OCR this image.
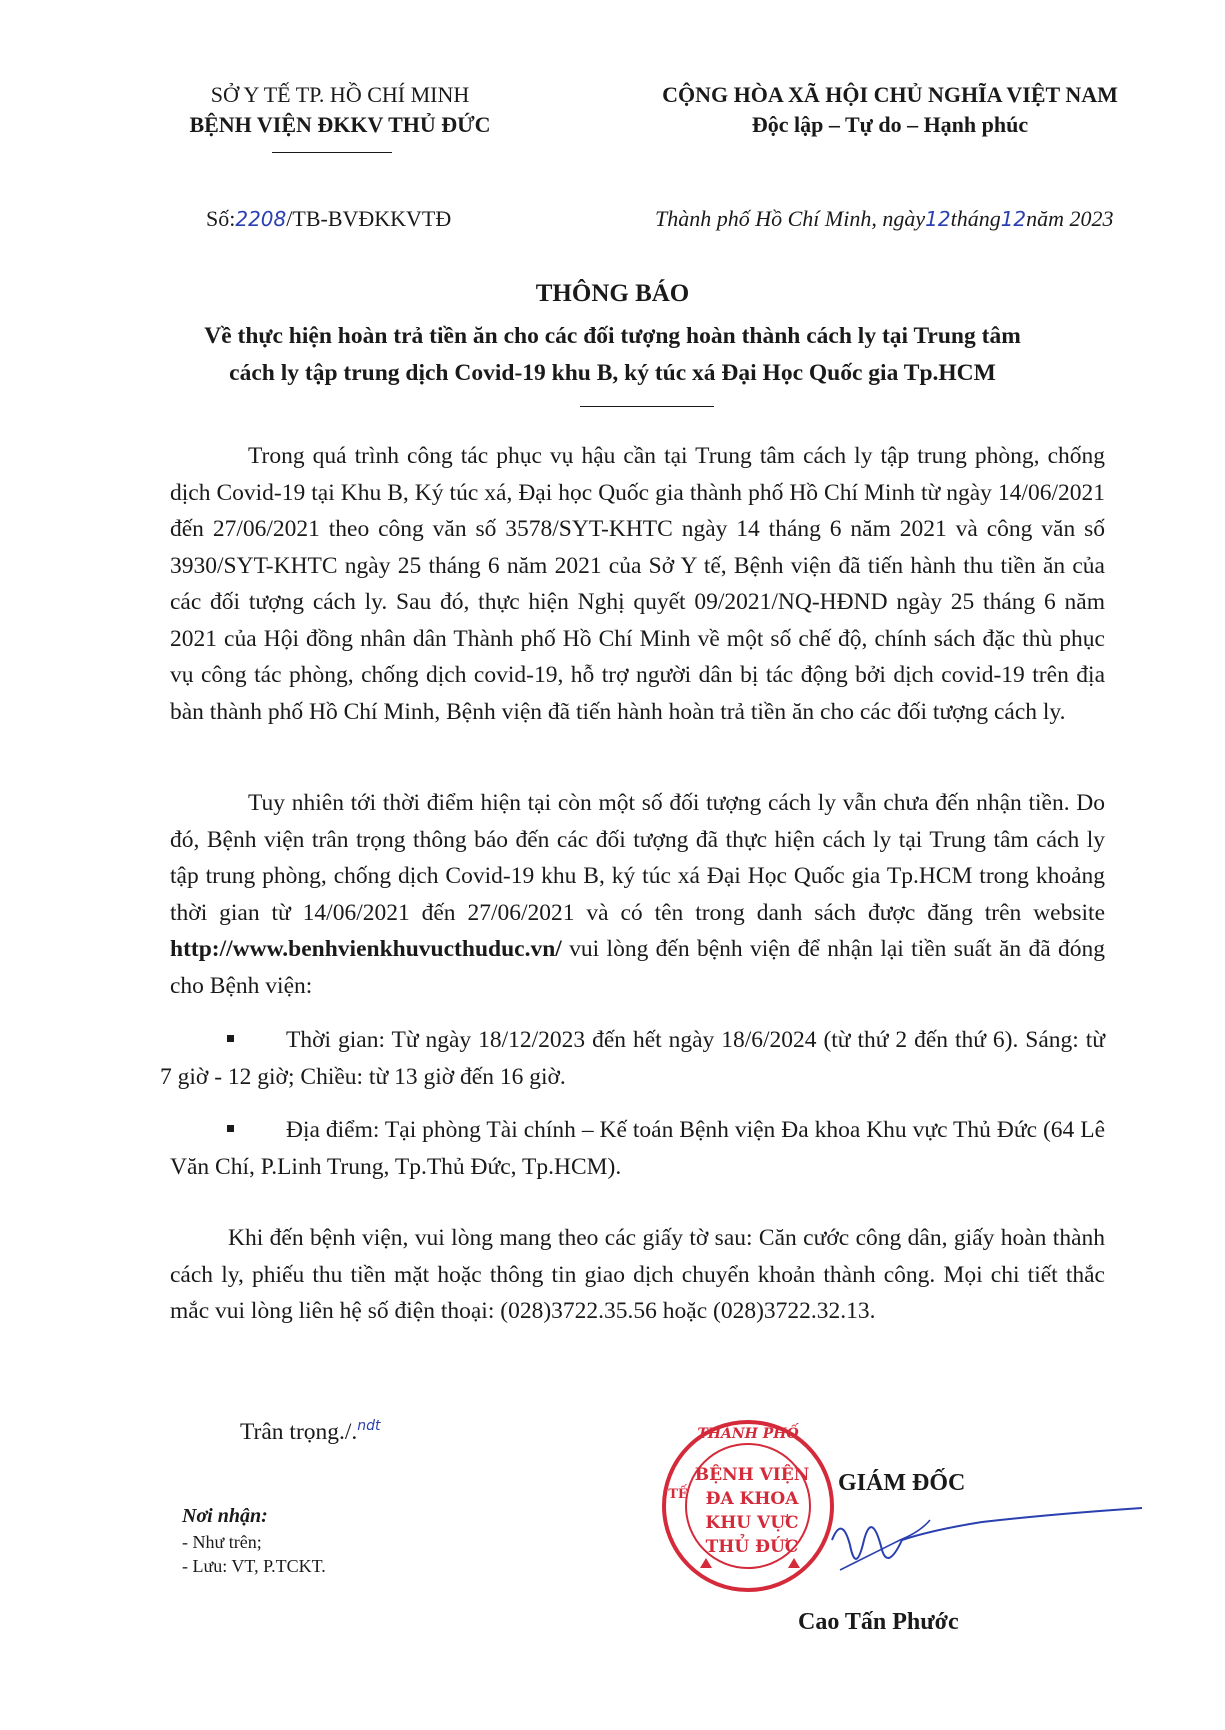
SỞ Y TẾ TP. HỒ CHÍ MINH
BỆNH VIỆN ĐKKV THỦ ĐỨC
CỘNG HÒA XÃ HỘI CHỦ NGHĨA VIỆT NAM
Độc lập – Tự do – Hạnh phúc
Số:2208/TB-BVĐKKVTĐ	Thành phố Hồ Chí Minh, ngày12tháng12năm 2023
THÔNG BÁO
Về thực hiện hoàn trả tiền ăn cho các đối tượng hoàn thành cách ly tại Trung tâm
cách ly tập trung dịch Covid-19 khu B, ký túc xá Đại Học Quốc gia Tp.HCM
Trong quá trình công tác phục vụ hậu cần tại Trung tâm cách ly tập trung phòng, chống dịch Covid-19 tại Khu B, Ký túc xá, Đại học Quốc gia thành phố Hồ Chí Minh từ ngày 14/06/2021 đến 27/06/2021 theo công văn số 3578/SYT-KHTC ngày 14 tháng 6 năm 2021 và công văn số 3930/SYT-KHTC ngày 25 tháng 6 năm 2021 của Sở Y tế, Bệnh viện đã tiến hành thu tiền ăn của các đối tượng cách ly. Sau đó, thực hiện Nghị quyết 09/2021/NQ-HĐND ngày 25 tháng 6 năm 2021 của Hội đồng nhân dân Thành phố Hồ Chí Minh về một số chế độ, chính sách đặc thù phục vụ công tác phòng, chống dịch covid-19, hỗ trợ người dân bị tác động bởi dịch covid-19 trên địa bàn thành phố Hồ Chí Minh, Bệnh viện đã tiến hành hoàn trả tiền ăn cho các đối tượng cách ly.
Tuy nhiên tới thời điểm hiện tại còn một số đối tượng cách ly vẫn chưa đến nhận tiền. Do đó, Bệnh viện trân trọng thông báo đến các đối tượng đã thực hiện cách ly tại Trung tâm cách ly tập trung phòng, chống dịch Covid-19 khu B, ký túc xá Đại Học Quốc gia Tp.HCM trong khoảng thời gian từ 14/06/2021 đến 27/06/2021 và có tên trong danh sách được đăng trên website http://www.benhvienkhuvucthuduc.vn/ vui lòng đến bệnh viện để nhận lại tiền suất ăn đã đóng cho Bệnh viện:
Thời gian: Từ ngày 18/12/2023 đến hết ngày 18/6/2024 (từ thứ 2 đến thứ 6). Sáng: từ 7 giờ - 12 giờ; Chiều: từ 13 giờ đến 16 giờ.
Địa điểm: Tại phòng Tài chính – Kế toán Bệnh viện Đa khoa Khu vực Thủ Đức (64 Lê Văn Chí, P.Linh Trung, Tp.Thủ Đức, Tp.HCM).
Khi đến bệnh viện, vui lòng mang theo các giấy tờ sau: Căn cước công dân, giấy hoàn thành cách ly, phiếu thu tiền mặt hoặc thông tin giao dịch chuyển khoản thành công. Mọi chi tiết thắc mắc vui lòng liên hệ số điện thoại: (028)3722.35.56 hoặc (028)3722.32.13.
Trân trọng./.$^{ndt}$
Nơi nhận:
- Như trên;
- Lưu: VT, P.TCKT.
GIÁM ĐỐC
THÀNH PHỐ
TẾ
BỆNH VIỆN
ĐA KHOA
KHU VỰC
THỦ ĐỨC
Cao Tấn Phước
